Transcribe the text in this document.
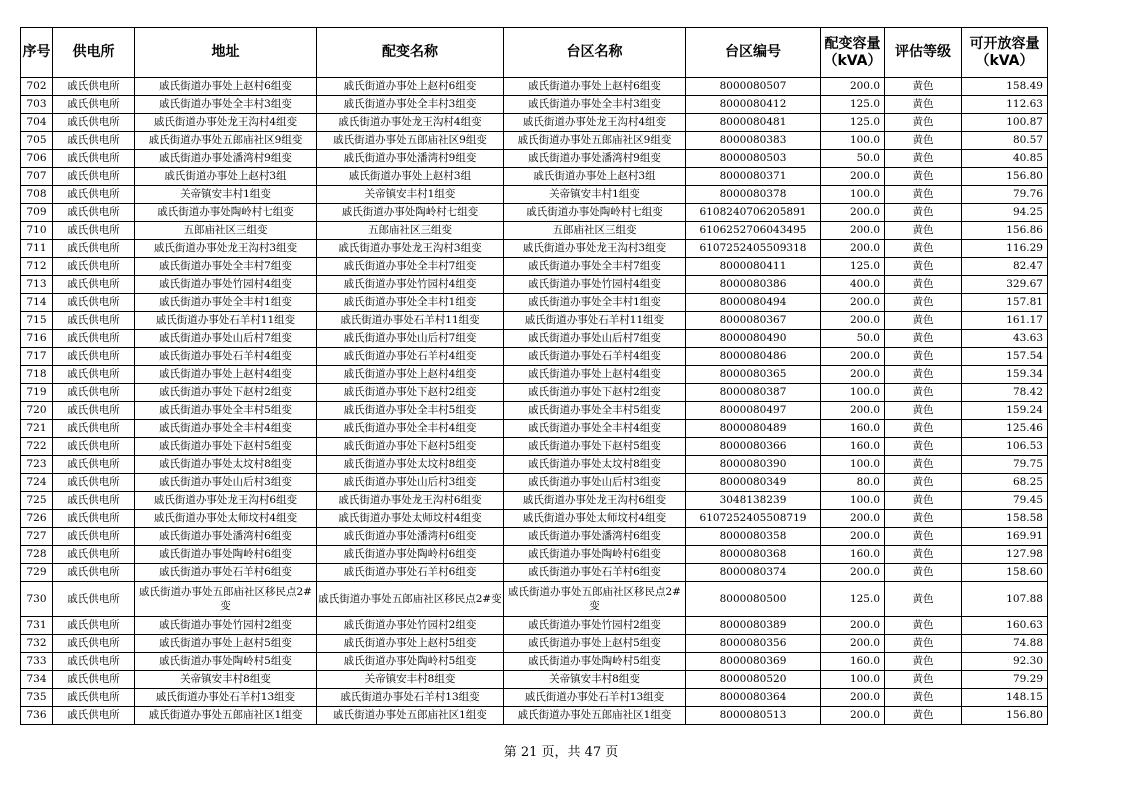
序号	供电所	地址	配变名称	台区名称	台区编号	配变容量（kVA）	评估等级	可开放容量（kVA）
702	戚氏供电所	戚氏街道办事处上赵村6组变	戚氏街道办事处上赵村6组变	戚氏街道办事处上赵村6组变	8000080507	200.0	黄色	158.49
703	戚氏供电所	戚氏街道办事处全丰村3组变	戚氏街道办事处全丰村3组变	戚氏街道办事处全丰村3组变	8000080412	125.0	黄色	112.63
704	戚氏供电所	戚氏街道办事处龙王沟村4组变	戚氏街道办事处龙王沟村4组变	戚氏街道办事处龙王沟村4组变	8000080481	125.0	黄色	100.87
705	戚氏供电所	戚氏街道办事处五郎庙社区9组变	戚氏街道办事处五郎庙社区9组变	戚氏街道办事处五郎庙社区9组变	8000080383	100.0	黄色	80.57
706	戚氏供电所	戚氏街道办事处潘湾村9组变	戚氏街道办事处潘湾村9组变	戚氏街道办事处潘湾村9组变	8000080503	50.0	黄色	40.85
707	戚氏供电所	戚氏街道办事处上赵村3组	戚氏街道办事处上赵村3组	戚氏街道办事处上赵村3组	8000080371	200.0	黄色	156.80
708	戚氏供电所	关帝镇安丰村1组变	关帝镇安丰村1组变	关帝镇安丰村1组变	8000080378	100.0	黄色	79.76
709	戚氏供电所	戚氏街道办事处陶岭村七组变	戚氏街道办事处陶岭村七组变	戚氏街道办事处陶岭村七组变	6108240706205891	200.0	黄色	94.25
710	戚氏供电所	五郎庙社区三组变	五郎庙社区三组变	五郎庙社区三组变	6106252706043495	200.0	黄色	156.86
711	戚氏供电所	戚氏街道办事处龙王沟村3组变	戚氏街道办事处龙王沟村3组变	戚氏街道办事处龙王沟村3组变	6107252405509318	200.0	黄色	116.29
712	戚氏供电所	戚氏街道办事处全丰村7组变	戚氏街道办事处全丰村7组变	戚氏街道办事处全丰村7组变	8000080411	125.0	黄色	82.47
713	戚氏供电所	戚氏街道办事处竹园村4组变	戚氏街道办事处竹园村4组变	戚氏街道办事处竹园村4组变	8000080386	400.0	黄色	329.67
714	戚氏供电所	戚氏街道办事处全丰村1组变	戚氏街道办事处全丰村1组变	戚氏街道办事处全丰村1组变	8000080494	200.0	黄色	157.81
715	戚氏供电所	戚氏街道办事处石羊村11组变	戚氏街道办事处石羊村11组变	戚氏街道办事处石羊村11组变	8000080367	200.0	黄色	161.17
716	戚氏供电所	戚氏街道办事处山后村7组变	戚氏街道办事处山后村7组变	戚氏街道办事处山后村7组变	8000080490	50.0	黄色	43.63
717	戚氏供电所	戚氏街道办事处石羊村4组变	戚氏街道办事处石羊村4组变	戚氏街道办事处石羊村4组变	8000080486	200.0	黄色	157.54
718	戚氏供电所	戚氏街道办事处上赵村4组变	戚氏街道办事处上赵村4组变	戚氏街道办事处上赵村4组变	8000080365	200.0	黄色	159.34
719	戚氏供电所	戚氏街道办事处下赵村2组变	戚氏街道办事处下赵村2组变	戚氏街道办事处下赵村2组变	8000080387	100.0	黄色	78.42
720	戚氏供电所	戚氏街道办事处全丰村5组变	戚氏街道办事处全丰村5组变	戚氏街道办事处全丰村5组变	8000080497	200.0	黄色	159.24
721	戚氏供电所	戚氏街道办事处全丰村4组变	戚氏街道办事处全丰村4组变	戚氏街道办事处全丰村4组变	8000080489	160.0	黄色	125.46
722	戚氏供电所	戚氏街道办事处下赵村5组变	戚氏街道办事处下赵村5组变	戚氏街道办事处下赵村5组变	8000080366	160.0	黄色	106.53
723	戚氏供电所	戚氏街道办事处太坟村8组变	戚氏街道办事处太坟村8组变	戚氏街道办事处太坟村8组变	8000080390	100.0	黄色	79.75
724	戚氏供电所	戚氏街道办事处山后村3组变	戚氏街道办事处山后村3组变	戚氏街道办事处山后村3组变	8000080349	80.0	黄色	68.25
725	戚氏供电所	戚氏街道办事处龙王沟村6组变	戚氏街道办事处龙王沟村6组变	戚氏街道办事处龙王沟村6组变	3048138239	100.0	黄色	79.45
726	戚氏供电所	戚氏街道办事处太师坟村4组变	戚氏街道办事处太师坟村4组变	戚氏街道办事处太师坟村4组变	6107252405508719	200.0	黄色	158.58
727	戚氏供电所	戚氏街道办事处潘湾村6组变	戚氏街道办事处潘湾村6组变	戚氏街道办事处潘湾村6组变	8000080358	200.0	黄色	169.91
728	戚氏供电所	戚氏街道办事处陶岭村6组变	戚氏街道办事处陶岭村6组变	戚氏街道办事处陶岭村6组变	8000080368	160.0	黄色	127.98
729	戚氏供电所	戚氏街道办事处石羊村6组变	戚氏街道办事处石羊村6组变	戚氏街道办事处石羊村6组变	8000080374	200.0	黄色	158.60
730	戚氏供电所	戚氏街道办事处五郎庙社区移民点2#变	戚氏街道办事处五郎庙社区移民点2#变	戚氏街道办事处五郎庙社区移民点2#变	8000080500	125.0	黄色	107.88
731	戚氏供电所	戚氏街道办事处竹园村2组变	戚氏街道办事处竹园村2组变	戚氏街道办事处竹园村2组变	8000080389	200.0	黄色	160.63
732	戚氏供电所	戚氏街道办事处上赵村5组变	戚氏街道办事处上赵村5组变	戚氏街道办事处上赵村5组变	8000080356	200.0	黄色	74.88
733	戚氏供电所	戚氏街道办事处陶岭村5组变	戚氏街道办事处陶岭村5组变	戚氏街道办事处陶岭村5组变	8000080369	160.0	黄色	92.30
734	戚氏供电所	关帝镇安丰村8组变	关帝镇安丰村8组变	关帝镇安丰村8组变	8000080520	100.0	黄色	79.29
735	戚氏供电所	戚氏街道办事处石羊村13组变	戚氏街道办事处石羊村13组变	戚氏街道办事处石羊村13组变	8000080364	200.0	黄色	148.15
736	戚氏供电所	戚氏街道办事处五郎庙社区1组变	戚氏街道办事处五郎庙社区1组变	戚氏街道办事处五郎庙社区1组变	8000080513	200.0	黄色	156.80
第 21 页，共 47 页
